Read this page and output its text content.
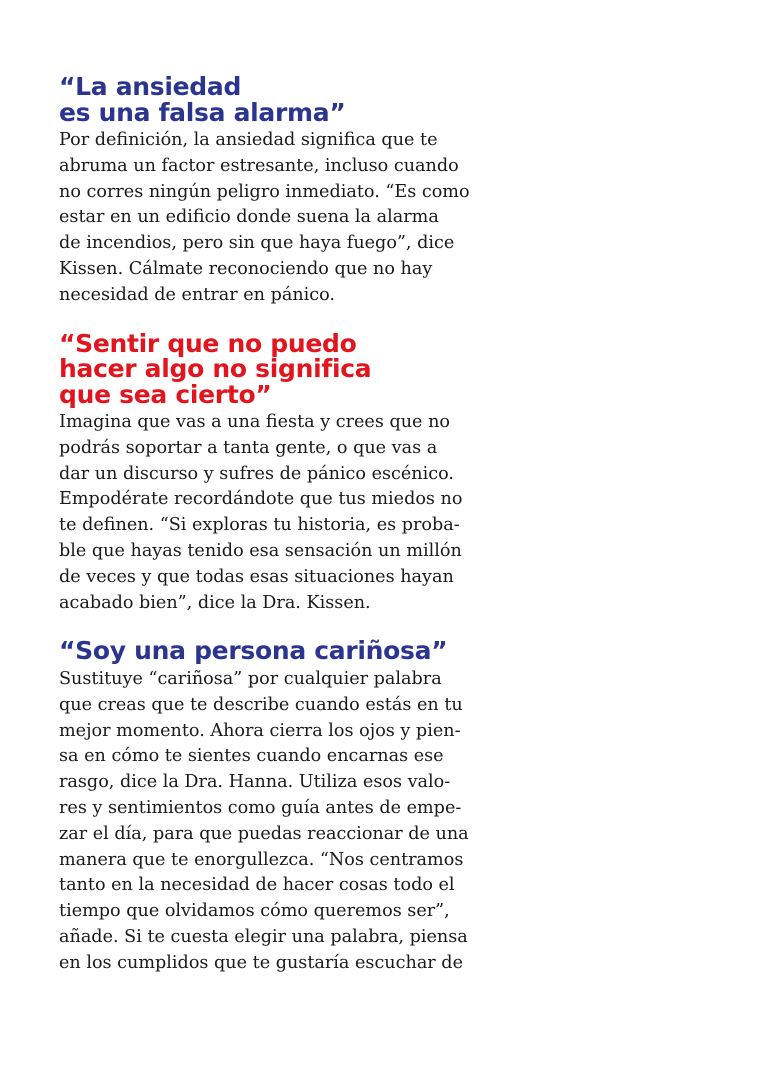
“La ansiedad
es una falsa alarma”

Por definición, la ansiedad significa que te
abruma un factor estresante, incluso cuando
no corres ningún peligro inmediato. “Es como
estar en un edificio donde suena la alarma
de incendios, pero sin que haya fuego”, dice
Kissen. Cálmate reconociendo que no hay
necesidad de entrar en pánico.

“Sentir que no puedo
hacer algo no significa
que sea cierto”

Imagina que vas a una fiesta y crees que no
podrás soportar a tanta gente, o que vas a
dar un discurso y sufres de pánico escénico.
Empodérate recordándote que tus miedos no
te definen. “Si exploras tu historia, es proba-
ble que hayas tenido esa sensación un millón
de veces y que todas esas situaciones hayan
acabado bien”, dice la Dra. Kissen.

“Soy una persona cariñosa”

Sustituye “cariñosa” por cualquier palabra
que creas que te describe cuando estás en tu
mejor momento. Ahora cierra los ojos y pien-
sa en cómo te sientes cuando encarnas ese
rasgo, dice la Dra. Hanna. Utiliza esos valo-
res y sentimientos como guía antes de empe-
zar el día, para que puedas reaccionar de una
manera que te enorgullezca. “Nos centramos
tanto en la necesidad de hacer cosas todo el
tiempo que olvidamos cómo queremos ser”,
añade. Si te cuesta elegir una palabra, piensa
en los cumplidos que te gustaría escuchar de
